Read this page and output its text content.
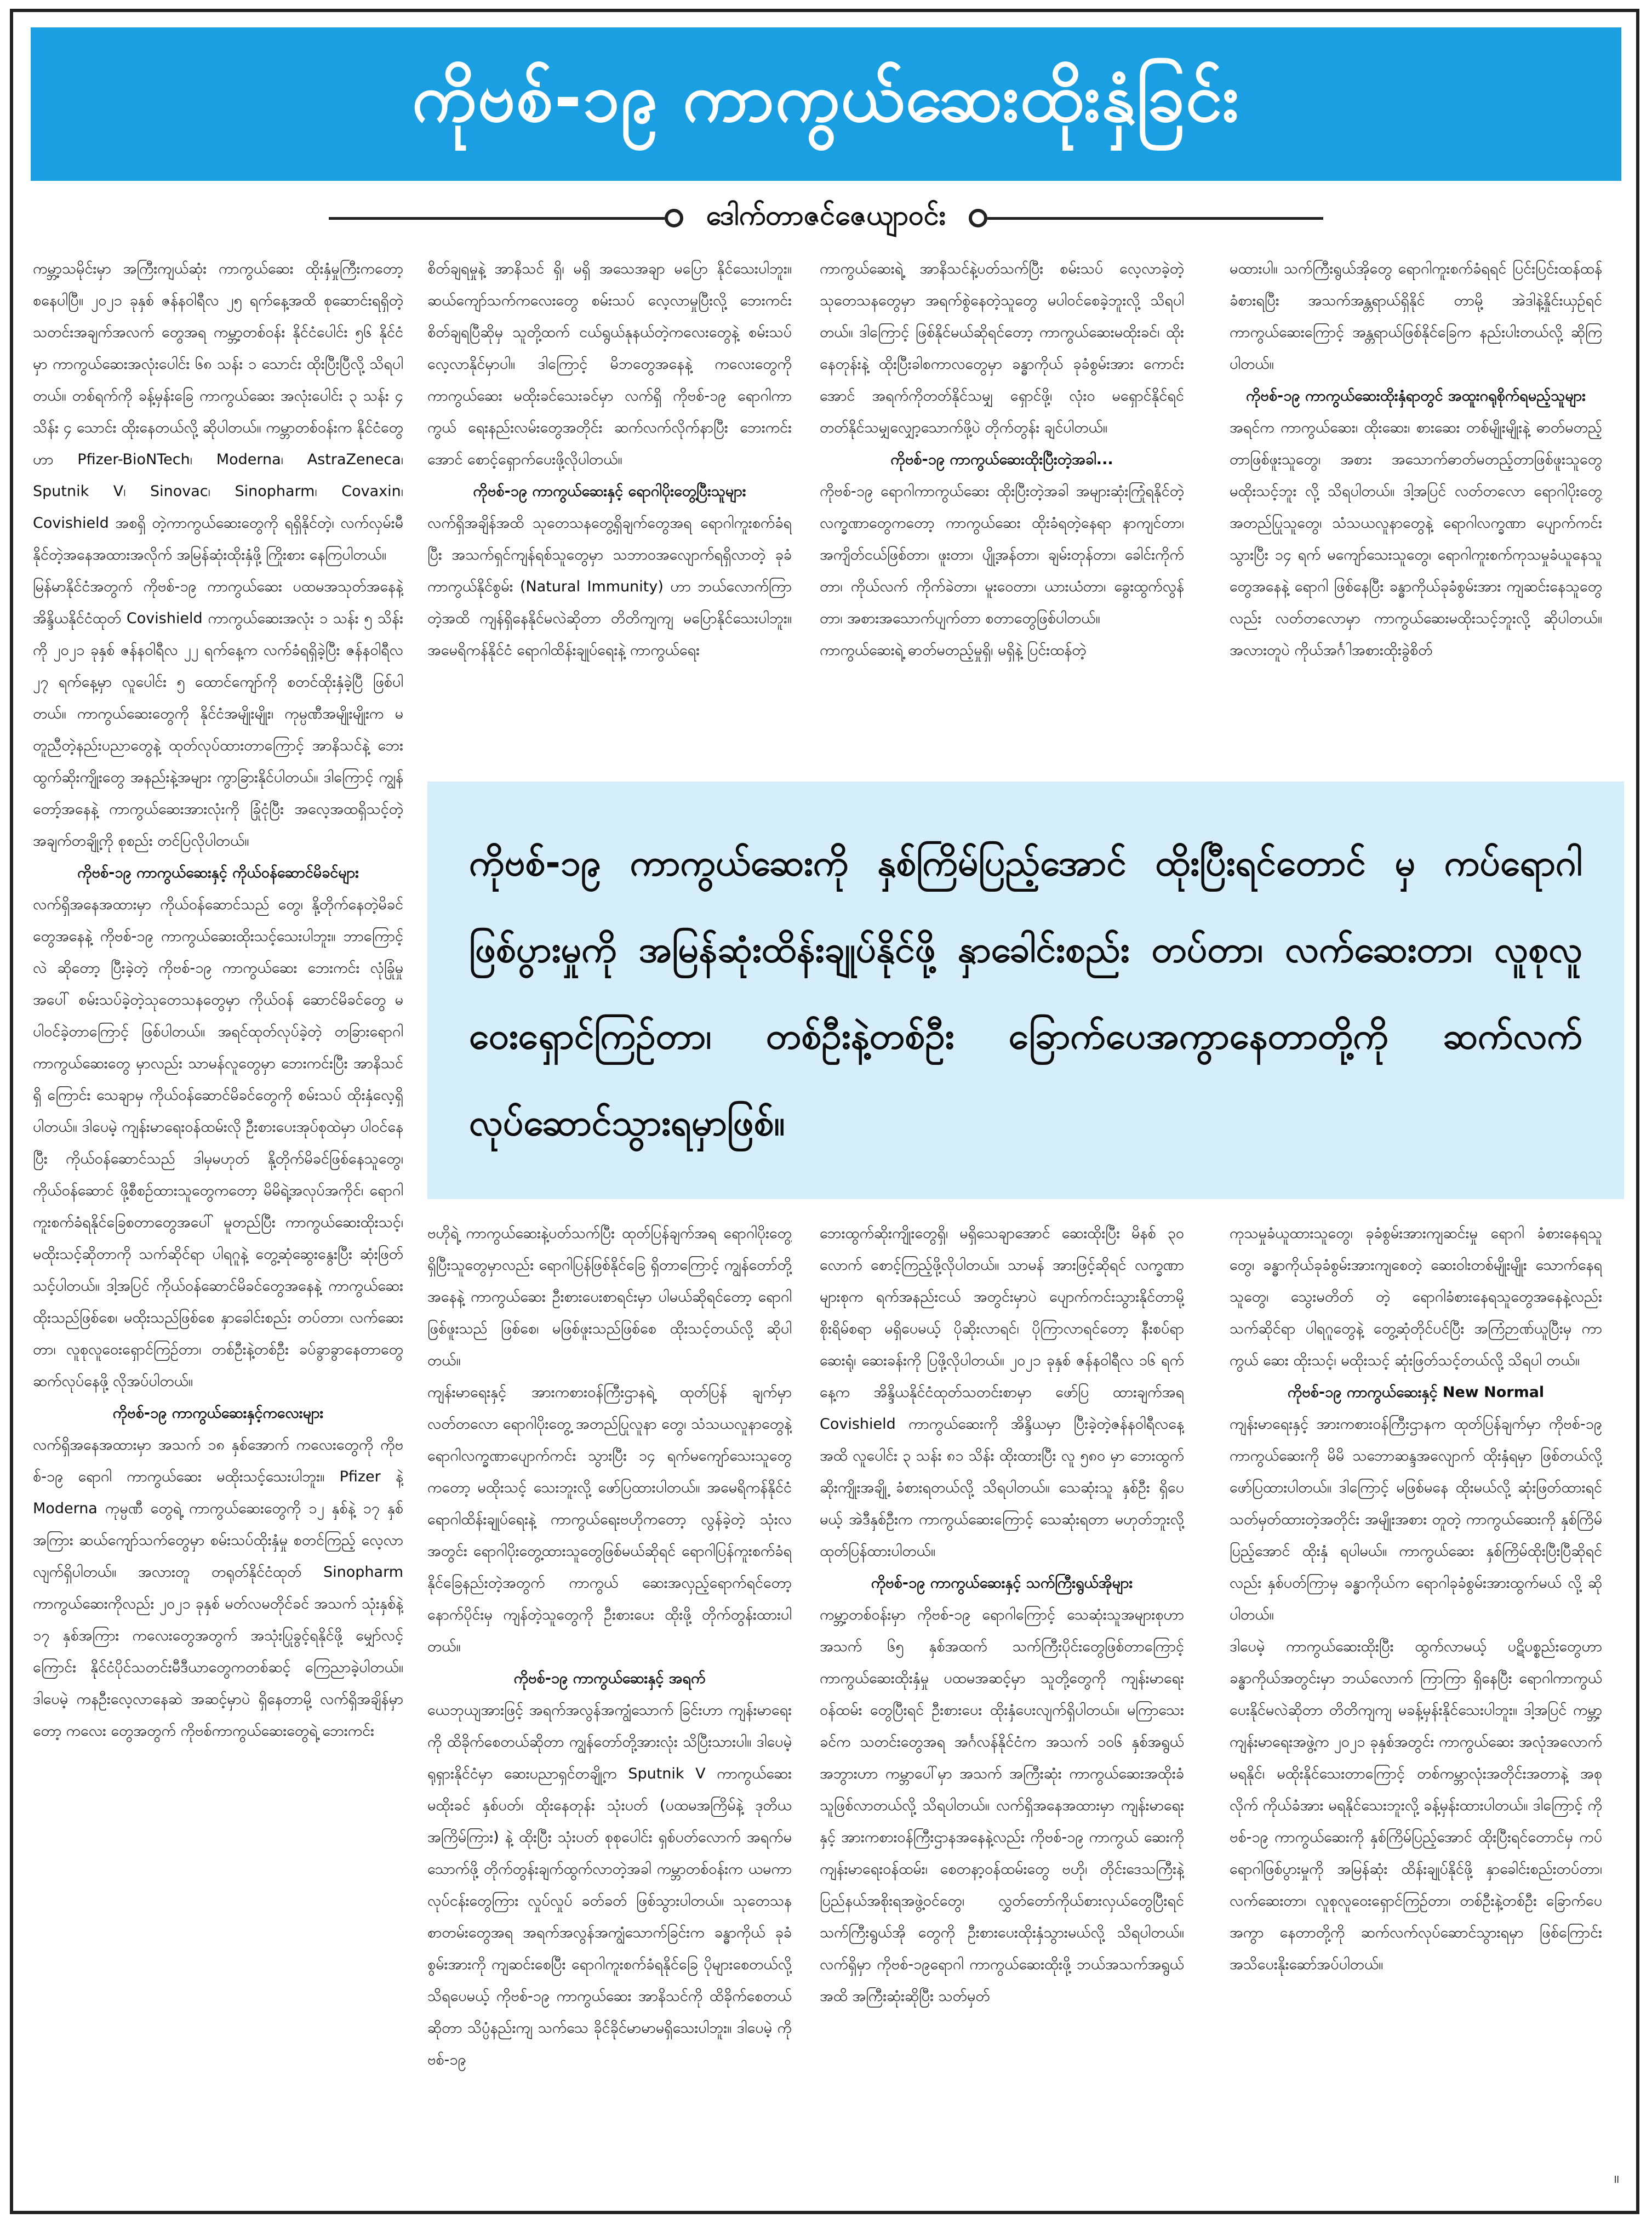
ကိုဗစ်-၁၉ ကာကွယ်ဆေးထိုးနှံခြင်း
ဒေါက်တာဇင်ဇေယျာဝင်း

ကမ္ဘာ့သမိုင်းမှာ အကြီးကျယ်ဆုံး ကာကွယ်ဆေး ထိုးနှံမှုကြီးကတော့ စနေပါပြီ။ ၂၀၂၁ ခုနှစ် ဇန်နဝါရီလ ၂၅ ရက်နေ့အထိ စုဆောင်းရရှိတဲ့ သတင်းအချက်အလက် တွေအရ ကမ္ဘာ့တစ်ဝန်း နိုင်ငံပေါင်း ၅၆ နိုင်ငံမှာ ကာကွယ်ဆေးအလုံးပေါင်း ၆၈ သန်း ၁ သောင်း ထိုးပြီးပြီလို့ သိရပါတယ်။ တစ်ရက်ကို ခန့်မှန်းခြေ ကာကွယ်ဆေး အလုံးပေါင်း ၃ သန်း ၄ သိန်း ၄ သောင်း ထိုးနေတယ်လို့ ဆိုပါတယ်။ ကမ္ဘာတစ်ဝန်းက နိုင်ငံတွေဟာ Pfizer-BioNTech၊ Moderna၊ AstraZeneca၊ Sputnik V၊ Sinovac၊ Sinopharm၊ Covaxin၊ Covishield အစရှိ တဲ့ကာကွယ်ဆေးတွေကို ရရှိနိုင်တဲ့၊ လက်လှမ်းမီ နိုင်တဲ့အနေအထားအလိုက် အမြန်ဆုံးထိုးနှံဖို့ ကြိုးစား နေကြပါတယ်။

မြန်မာနိုင်ငံအတွက် ကိုဗစ်-၁၉ ကာကွယ်ဆေး ပထမအသုတ်အနေနဲ့ အိန္ဒိယနိုင်ငံထုတ် Covishield ကာကွယ်ဆေးအလုံး ၁ သန်း ၅ သိန်းကို ၂၀၂၁ ခုနှစ် ဇန်နဝါရီလ ၂၂ ရက်နေ့က လက်ခံရရှိခဲ့ပြီး ဇန်နဝါရီလ ၂၇ ရက်နေ့မှာ လူပေါင်း ၅ ထောင်ကျော်ကို စတင်ထိုးနှံခဲ့ပြီ ဖြစ်ပါတယ်။ ကာကွယ်ဆေးတွေကို နိုင်ငံအမျိုးမျိုး၊ ကုမ္ပဏီအမျိုးမျိုးက မတူညီတဲ့နည်းပညာတွေနဲ့ ထုတ်လုပ်ထားတာကြောင့် အာနိသင်နဲ့ ဘေးထွက်ဆိုးကျိုးတွေ အနည်းနဲ့အများ ကွာခြားနိုင်ပါတယ်။ ဒါကြောင့် ကျွန်တော့်အနေနဲ့ ကာကွယ်ဆေးအားလုံးကို ခြုံငုံပြီး အလေ့အထရှိသင့်တဲ့ အချက်တချို့ကို စုစည်း တင်ပြလိုပါတယ်။

ကိုဗစ်-၁၉ ကာကွယ်ဆေးနှင့် ကိုယ်ဝန်ဆောင်မိခင်များ

လက်ရှိအနေအထားမှာ ကိုယ်ဝန်ဆောင်သည် တွေ၊ နို့တိုက်နေတဲ့မိခင်တွေအနေနဲ့ ကိုဗစ်-၁၉ ကာကွယ်ဆေးထိုးသင့်သေးပါဘူး။ ဘာကြောင့်လဲ ဆိုတော့ ပြီးခဲ့တဲ့ ကိုဗစ်-၁၉ ကာကွယ်ဆေး ဘေးကင်း လုံခြုံမှုအပေါ် စမ်းသပ်ခဲ့တဲ့သုတေသနတွေမှာ ကိုယ်ဝန် ဆောင်မိခင်တွေ မပါဝင်ခဲ့တာကြောင့် ဖြစ်ပါတယ်။ အရင်ထုတ်လုပ်ခဲ့တဲ့ တခြားရောဂါ ကာကွယ်ဆေးတွေ မှာလည်း သာမန်လူတွေမှာ ဘေးကင်းပြီး အာနိသင်ရှိ ကြောင်း သေချာမှ ကိုယ်ဝန်ဆောင်မိခင်တွေကို စမ်းသပ် ထိုးနှံလေ့ရှိပါတယ်။ ဒါပေမဲ့ ကျန်းမာရေးဝန်ထမ်းလို ဦးစားပေးအုပ်စုထဲမှာ ပါဝင်နေပြီး ကိုယ်ဝန်ဆောင်သည် ဒါမှမဟုတ် နို့တိုက်မိခင်ဖြစ်နေသူတွေ၊ ကိုယ်ဝန်ဆောင် ဖို့စီစဉ်ထားသူတွေကတော့ မိမိရဲ့အလုပ်အကိုင်၊ ရောဂါ ကူးစက်ခံရနိုင်ခြေစတာတွေအပေါ် မူတည်ပြီး ကာကွယ်ဆေးထိုးသင့်၊ မထိုးသင့်ဆိုတာကို သက်ဆိုင်ရာ ပါရဂူနဲ့ တွေ့ဆုံဆွေးနွေးပြီး ဆုံးဖြတ်သင့်ပါတယ်။ ဒါ့အပြင် ကိုယ်ဝန်ဆောင်မိခင်တွေအနေနဲ့ ကာကွယ်ဆေး ထိုးသည်ဖြစ်စေ၊ မထိုးသည်ဖြစ်စေ နှာခေါင်းစည်း တပ်တာ၊ လက်ဆေးတာ၊ လူစုလူဝေးရှောင်ကြဉ်တာ၊ တစ်ဦးနဲ့တစ်ဦး ခပ်ခွာခွာနေတာတွေ ဆက်လုပ်နေဖို့ လိုအပ်ပါတယ်။

ကိုဗစ်-၁၉ ကာကွယ်ဆေးနှင့်ကလေးများ

လက်ရှိအနေအထားမှာ အသက် ၁၈ နှစ်အောက် ကလေးတွေကို ကိုဗစ်-၁၉ ရောဂါ ကာကွယ်ဆေး မထိုးသင့်သေးပါဘူး။ Pfizer နဲ့ Moderna ကုမ္ပဏီ တွေရဲ့ ကာကွယ်ဆေးတွေကို ၁၂ နှစ်နဲ့ ၁၇ နှစ်အကြား ဆယ်ကျော်သက်တွေမှာ စမ်းသပ်ထိုးနှံမှု စတင်ကြည့် လေ့လာလျက်ရှိပါတယ်။ အလားတူ တရုတ်နိုင်ငံထုတ် Sinopharm ကာကွယ်ဆေးကိုလည်း ၂၀၂၁ ခုနှစ် မတ်လမတိုင်ခင် အသက် သုံးနှစ်နဲ့ ၁၇ နှစ်အကြား ကလေးတွေအတွက် အသုံးပြုခွင့်ရနိုင်ဖို့ မျှော်လင့် ကြောင်း နိုင်ငံပိုင်သတင်းမီဒီယာတွေကတစ်ဆင့် ကြေညာခဲ့ပါတယ်။ ဒါပေမဲ့ ကနဦးလေ့လာနေဆဲ အဆင့်မှာပဲ ရှိနေတာမို့ လက်ရှိအချိန်မှာတော့ ကလေး တွေအတွက် ကိုဗစ်ကာကွယ်ဆေးတွေရဲ့ ဘေးကင်း

စိတ်ချရမှုနဲ့ အာနိသင် ရှိ၊ မရှိ အသေအချာ မပြော နိုင်သေးပါဘူး။ ဆယ်ကျော်သက်ကလေးတွေ စမ်းသပ် လေ့လာမှုပြီးလို့ ဘေးကင်းစိတ်ချရပြီဆိုမှ သူတို့ထက် ငယ်ရွယ်နုနယ်တဲ့ကလေးတွေနဲ့ စမ်းသပ်လေ့လာနိုင်မှာပါ။ ဒါကြောင့် မိဘတွေအနေနဲ့ ကလေးတွေကို ကာကွယ်ဆေး မထိုးခင်သေးခင်မှာ လက်ရှိ ကိုဗစ်-၁၉ ရောဂါကာကွယ် ရေးနည်းလမ်းတွေအတိုင်း ဆက်လက်လိုက်နာပြီး ဘေးကင်း အောင် စောင့်ရှောက်ပေးဖို့လိုပါတယ်။

ကိုဗစ်-၁၉ ကာကွယ်ဆေးနှင့် ရောဂါပိုးတွေ့ပြီးသူများ

လက်ရှိအချိန်အထိ သုတေသနတွေ့ရှိချက်တွေအရ ရောဂါကူးစက်ခံရပြီး အသက်ရှင်ကျန်ရစ်သူတွေမှာ သဘာဝအလျောက်ရရှိလာတဲ့ ခုခံကာကွယ်နိုင်စွမ်း (Natural Immunity) ဟာ ဘယ်လောက်ကြာတဲ့အထိ ကျန်ရှိနေနိုင်မလဲဆိုတာ တိတိကျကျ မပြောနိုင်သေးပါဘူး။ အမေရိကန်နိုင်ငံ ရောဂါထိန်းချုပ်ရေးနဲ့ ကာကွယ်ရေး

ကာကွယ်ဆေးရဲ့ အာနိသင်နဲ့ပတ်သက်ပြီး စမ်းသပ် လေ့လာခဲ့တဲ့ သုတေသနတွေမှာ အရက်စွဲနေတဲ့သူတွေ မပါဝင်စေခဲ့ဘူးလို့ သိရပါတယ်။ ဒါကြောင့် ဖြစ်နိုင်မယ်ဆိုရင်တော့ ကာကွယ်ဆေးမထိုးခင်၊ ထိုးနေတုန်းနဲ့ ထိုးပြီးခါစကာလတွေမှာ ခန္ဓာကိုယ် ခုခံစွမ်းအား ကောင်းအောင် အရက်ကိုတတ်နိုင်သမျှ ရှောင်ဖို့၊ လုံးဝ မရှောင်နိုင်ရင် တတ်နိုင်သမျှလျှော့သောက်ဖို့ပဲ တိုက်တွန်း ချင်ပါတယ်။

ကိုဗစ်-၁၉ ကာကွယ်ဆေးထိုးပြီးတဲ့အခါ...

ကိုဗစ်-၁၉ ရောဂါကာကွယ်ဆေး ထိုးပြီးတဲ့အခါ အများဆုံးကြုံရနိုင်တဲ့ လက္ခဏာတွေကတော့ ကာကွယ်ဆေး ထိုးခံရတဲ့နေရာ နာကျင်တာ၊ အကျိတ်ငယ်ဖြစ်တာ၊ ဖူးတာ၊ ပျို့အန်တာ၊ ချမ်းတုန်တာ၊ ခေါင်းကိုက်တာ၊ ကိုယ်လက် ကိုက်ခဲတာ၊ မူးဝေတာ၊ ယားယံတာ၊ ခွေးထွက်လွန်တာ၊ အစားအသောက်ပျက်တာ စတာတွေဖြစ်ပါတယ်။

ကာကွယ်ဆေးရဲ့ ဓာတ်မတည့်မှုရှိ၊ မရှိနဲ့ ပြင်းထန်တဲ့

မထားပါ။ သက်ကြီးရွယ်အိုတွေ ရောဂါကူးစက်ခံရရင် ပြင်းပြင်းထန်ထန်ခံစားရပြီး အသက်အန္တရာယ်ရှိနိုင် တာမို့ အဲဒါနဲ့နှိုင်းယှဉ်ရင် ကာကွယ်ဆေးကြောင့် အန္တရာယ်ဖြစ်နိုင်ခြေက နည်းပါးတယ်လို့ ဆိုကြပါတယ်။

ကိုဗစ်-၁၉ ကာကွယ်ဆေးထိုးနှံရာတွင် အထူးဂရုစိုက်ရမည့်သူများ

အရင်က ကာကွယ်ဆေး၊ ထိုးဆေး၊ စားဆေး တစ်မျိုးမျိုးနဲ့ ဓာတ်မတည့်တာဖြစ်ဖူးသူတွေ၊ အစား အသောက်ဓာတ်မတည့်တာဖြစ်ဖူးသူတွေ မထိုးသင့်ဘူး လို့ သိရပါတယ်။ ဒါ့အပြင် လတ်တလော ရောဂါပိုးတွေ့ အတည်ပြုသူတွေ၊ သံသယလူနာတွေနဲ့ ရောဂါလက္ခဏာ ပျောက်ကင်းသွားပြီး ၁၄ ရက် မကျော်သေးသူတွေ၊ ရောဂါကူးစက်ကုသမှုခံယူနေသူတွေအနေနဲ့ ရောဂါ ဖြစ်နေပြီး ခန္ဓာကိုယ်ခုခံစွမ်းအား ကျဆင်းနေသူတွေ လည်း လတ်တလောမှာ ကာကွယ်ဆေးမထိုးသင့်ဘူးလို့ ဆိုပါတယ်။ အလားတူပဲ ကိုယ်အင်္ဂါအစားထိုးခွဲစိတ်

ကိုဗစ်-၁၉ ကာကွယ်ဆေးကို နှစ်ကြိမ်ပြည့်အောင် ထိုးပြီးရင်တောင် မှ ကပ်ရောဂါဖြစ်ပွားမှုကို အမြန်ဆုံးထိန်းချုပ်နိုင်ဖို့ နှာခေါင်းစည်း တပ်တာ၊ လက်ဆေးတာ၊ လူစုလူဝေးရှောင်ကြဉ်တာ၊ တစ်ဦးနဲ့တစ်ဦး ခြောက်ပေအကွာနေတာတို့ကို ဆက်လက်လုပ်ဆောင်သွားရမှာဖြစ်။

ဗဟိုရဲ့ ကာကွယ်ဆေးနဲ့ပတ်သက်ပြီး ထုတ်ပြန်ချက်အရ ရောဂါပိုးတွေ့ရှိပြီးသူတွေမှာလည်း ရောဂါပြန်ဖြစ်နိုင်ခြေ ရှိတာကြောင့် ကျွန်တော်တို့အနေနဲ့ ကာကွယ်ဆေး ဦးစားပေးစာရင်းမှာ ပါမယ်ဆိုရင်တော့ ရောဂါဖြစ်ဖူးသည် ဖြစ်စေ၊ မဖြစ်ဖူးသည်ဖြစ်စေ ထိုးသင့်တယ်လို့ ဆိုပါ တယ်။

ကျန်းမာရေးနှင့် အားကစားဝန်ကြီးဌာနရဲ့ ထုတ်ပြန် ချက်မှာ လတ်တလော ရောဂါပိုးတွေ့ အတည်ပြုလူနာ တွေ၊ သံသယလူနာတွေနဲ့ ရောဂါလက္ခဏာပျောက်ကင်း သွားပြီး ၁၄ ရက်မကျော်သေးသူတွေကတော့ မထိုးသင့် သေးဘူးလို့ ဖော်ပြထားပါတယ်။ အမေရိကန်နိုင်ငံ ရောဂါထိန်းချုပ်ရေးနဲ့ ကာကွယ်ရေးဗဟိုကတော့ လွန်ခဲ့တဲ့ သုံးလအတွင်း ရောဂါပိုးတွေ့ထားသူတွေဖြစ်မယ်ဆိုရင် ရောဂါပြန်ကူးစက်ခံရနိုင်ခြေနည်းတဲ့အတွက် ကာကွယ် ဆေးအလှည့်ရောက်ရင်တော့ နောက်ပိုင်းမှ ကျန်တဲ့သူတွေကို ဦးစားပေး ထိုးဖို့ တိုက်တွန်းထားပါတယ်။

ကိုဗစ်-၁၉ ကာကွယ်ဆေးနှင့် အရက်

ယေဘုယျအားဖြင့် အရက်အလွန်အကျွံသောက် ခြင်းဟာ ကျန်းမာရေးကို ထိခိုက်စေတယ်ဆိုတာ ကျွန်တော်တို့အားလုံး သိပြီးသားပါ။ ဒါပေမဲ့ ရုရှားနိုင်ငံမှာ ဆေးပညာရှင်တချို့က Sputnik V ကာကွယ်ဆေးမထိုးခင် နှစ်ပတ်၊ ထိုးနေတုန်း သုံးပတ် (ပထမအကြိမ်နဲ့ ဒုတိယ အကြိမ်ကြား) နဲ့ ထိုးပြီး သုံးပတ် စုစုပေါင်း ရှစ်ပတ်လောက် အရက်မသောက်ဖို့ တိုက်တွန်းချက်ထွက်လာတဲ့အခါ ကမ္ဘာတစ်ဝန်းက ယမကာလုပ်ငန်းတွေကြား လှုပ်လှုပ် ခတ်ခတ် ဖြစ်သွားပါတယ်။ သုတေသနစာတမ်းတွေအရ အရက်အလွန်အကျွံသောက်ခြင်းက ခန္ဓာကိုယ် ခုခံ စွမ်းအားကို ကျဆင်းစေပြီး ရောဂါကူးစက်ခံရနိုင်ခြေ ပိုများစေတယ်လို့ သိရပေမယ့် ကိုဗစ်-၁၉ ကာကွယ်ဆေး အာနိသင်ကို ထိခိုက်စေတယ်ဆိုတာ သိပ္ပံနည်းကျ သက်သေ ခိုင်ခိုင်မာမာမရှိသေးပါဘူး။ ဒါပေမဲ့ ကိုဗစ်-၁၉

ဘေးထွက်ဆိုးကျိုးတွေရှိ၊ မရှိသေချာအောင် ဆေးထိုးပြီး မိနစ် ၃၀ လောက် စောင့်ကြည့်ဖို့လိုပါတယ်။ သာမန် အားဖြင့်ဆိုရင် လက္ခဏာများစုက ရက်အနည်းငယ် အတွင်းမှာပဲ ပျောက်ကင်းသွားနိုင်တာမို့ စိုးရိမ်စရာ မရှိပေမယ့် ပိုဆိုးလာရင်၊ ပိုကြာလာရင်တော့ နီးစပ်ရာ ဆေးရုံ၊ ဆေးခန်းကို ပြဖို့လိုပါတယ်။ ၂၀၂၁ ခုနှစ် ဇန်နဝါရီလ ၁၆ ရက်နေ့က အိန္ဒိယနိုင်ငံထုတ်သတင်းစာမှာ ဖော်ပြ ထားချက်အရ Covishield ကာကွယ်ဆေးကို အိန္ဒိယမှာ ပြီးခဲ့တဲ့ဇန်နဝါရီလနေ့အထိ လူပေါင်း ၃ သန်း ၈၁ သိန်း ထိုးထားပြီး လူ ၅၈၀ မှာ ဘေးထွက်ဆိုးကျိုးအချို့ ခံစားရတယ်လို့ သိရပါတယ်။ သေဆုံးသူ နှစ်ဦး ရှိပေမယ့် အဲဒီနှစ်ဦးက ကာကွယ်ဆေးကြောင့် သေဆုံးရတာ မဟုတ်ဘူးလို့ ထုတ်ပြန်ထားပါတယ်။

ကိုဗစ်-၁၉ ကာကွယ်ဆေးနှင့် သက်ကြီးရွယ်အိုများ

ကမ္ဘာ့တစ်ဝန်းမှာ ကိုဗစ်-၁၉ ရောဂါကြောင့် သေဆုံးသူအများစုဟာ အသက် ၆၅ နှစ်အထက် သက်ကြီးပိုင်းတွေဖြစ်တာကြောင့် ကာကွယ်ဆေးထိုးနှံမှု ပထမအဆင့်မှာ သူတို့တွေကို ကျန်းမာရေးဝန်ထမ်း တွေပြီးရင် ဦးစားပေး ထိုးနှံပေးလျက်ရှိပါတယ်။ မကြာသေးခင်က သတင်းတွေအရ အင်္ဂလန်နိုင်ငံက အသက် ၁၀၆ နှစ်အရွယ်အဘွားဟာ ကမ္ဘာပေါ်မှာ အသက် အကြီးဆုံး ကာကွယ်ဆေးအထိုးခံသူဖြစ်လာတယ်လို့ သိရပါတယ်။ လက်ရှိအနေအထားမှာ ကျန်းမာရေးနှင့် အားကစားဝန်ကြီးဌာနအနေနဲ့လည်း ကိုဗစ်-၁၉ ကာကွယ် ဆေးကို ကျန်းမာရေးဝန်ထမ်း၊ စေတနာ့ဝန်ထမ်းတွေ ဗဟို၊ တိုင်းဒေသကြီးနဲ့ ပြည်နယ်အစိုးရအဖွဲ့ဝင်တွေ၊ လွှတ်တော်ကိုယ်စားလှယ်တွေပြီးရင် သက်ကြီးရွယ်အို တွေကို ဦးစားပေးထိုးနှံသွားမယ်လို့ သိရပါတယ်။ လက်ရှိမှာ ကိုဗစ်-၁၉ရောဂါ ကာကွယ်ဆေးထိုးဖို့ ဘယ်အသက်အရွယ်အထိ အကြီးဆုံးဆိုပြီး သတ်မှတ်

ကုသမှုခံယူထားသူတွေ၊ ခုခံစွမ်းအားကျဆင်းမှု ရောဂါ ခံစားနေရသူတွေ၊ ခန္ဓာကိုယ်ခုခံစွမ်းအားကျစေတဲ့ ဆေးဝါးတစ်မျိုးမျိုး သောက်နေရသူတွေ၊ သွေးမတိတ် တဲ့ ရောဂါခံစားနေရသူတွေအနေနဲ့လည်း သက်ဆိုင်ရာ ပါရဂူတွေနဲ့ တွေ့ဆုံတိုင်ပင်ပြီး အကြံဉာဏ်ယူပြီးမှ ကာကွယ် ဆေး ထိုးသင့်၊ မထိုးသင့် ဆုံးဖြတ်သင့်တယ်လို့ သိရပါ တယ်။

ကိုဗစ်-၁၉ ကာကွယ်ဆေးနှင့် New Normal

ကျန်းမာရေးနှင့် အားကစားဝန်ကြီးဌာနက ထုတ်ပြန်ချက်မှာ ကိုဗစ်-၁၉ ကာကွယ်ဆေးကို မိမိ သဘောဆန္ဒအလျောက် ထိုးနှံရမှာ ဖြစ်တယ်လို့ ဖော်ပြထားပါတယ်။ ဒါကြောင့် မဖြစ်မနေ ထိုးမယ်လို့ ဆုံးဖြတ်ထားရင် သတ်မှတ်ထားတဲ့အတိုင်း အမျိုးအစား တူတဲ့ ကာကွယ်ဆေးကို နှစ်ကြိမ်ပြည့်အောင် ထိုးနှံ ရပါမယ်။ ကာကွယ်ဆေး နှစ်ကြိမ်ထိုးပြီးပြီဆိုရင်လည်း နှစ်ပတ်ကြာမှ ခန္ဓာကိုယ်က ရောဂါခုခံစွမ်းအားထွက်မယ် လို့ ဆိုပါတယ်။

ဒါပေမဲ့ ကာကွယ်ဆေးထိုးပြီး ထွက်လာမယ့် ပဋိပစ္စည်းတွေဟာ ခန္ဓာကိုယ်အတွင်းမှာ ဘယ်လောက် ကြာကြာ ရှိနေပြီး ရောဂါကာကွယ်ပေးနိုင်မလဲဆိုတာ တိတိကျကျ မခန့်မှန်းနိုင်သေးပါဘူး။ ဒါ့အပြင် ကမ္ဘာ့ ကျန်းမာရေးအဖွဲ့က ၂၀၂၁ ခုနှစ်အတွင်း ကာကွယ်ဆေး အလုံအလောက် မရနိုင်၊ မထိုးနိုင်သေးတာကြောင့် တစ်ကမ္ဘာလုံးအတိုင်းအတာနဲ့ အစုလိုက် ကိုယ်ခံအား မရနိုင်သေးဘူးလို့ ခန့်မှန်းထားပါတယ်။ ဒါကြောင့် ကိုဗစ်-၁၉ ကာကွယ်ဆေးကို နှစ်ကြိမ်ပြည့်အောင် ထိုးပြီးရင်တောင်မှ ကပ်ရောဂါဖြစ်ပွားမှုကို အမြန်ဆုံး ထိန်းချုပ်နိုင်ဖို့ နှာခေါင်းစည်းတပ်တာ၊ လက်ဆေးတာ၊ လူစုလူဝေးရှောင်ကြဉ်တာ၊ တစ်ဦးနဲ့တစ်ဦး ခြောက်ပေ အကွာ နေတာတို့ကို ဆက်လက်လုပ်ဆောင်သွားရမှာ ဖြစ်ကြောင်း အသိပေးနိုးဆော်အပ်ပါတယ်။

။
